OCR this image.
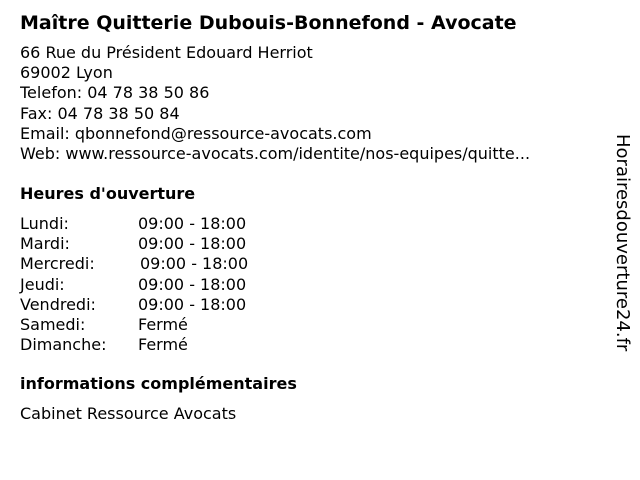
Maître Quitterie Dubouis-Bonnefond - Avocate
66 Rue du Président Edouard Herriot
69002 Lyon
Telefon: 04 78 38 50 86
Fax: 04 78 38 50 84
Email: qbonnefond@ressource-avocats.com
Web: www.ressource-avocats.com/identite/nos-equipes/quitte...
Heures d'ouverture
Lundi:	09:00 - 18:00
Mardi:	09:00 - 18:00
Mercredi:	09:00 - 18:00
Jeudi:	09:00 - 18:00
Vendredi:	09:00 - 18:00
Samedi:	Fermé
Dimanche: Fermé
informations complémentaires
Cabinet Ressource Avocats
Horairesdouverture24.fr
